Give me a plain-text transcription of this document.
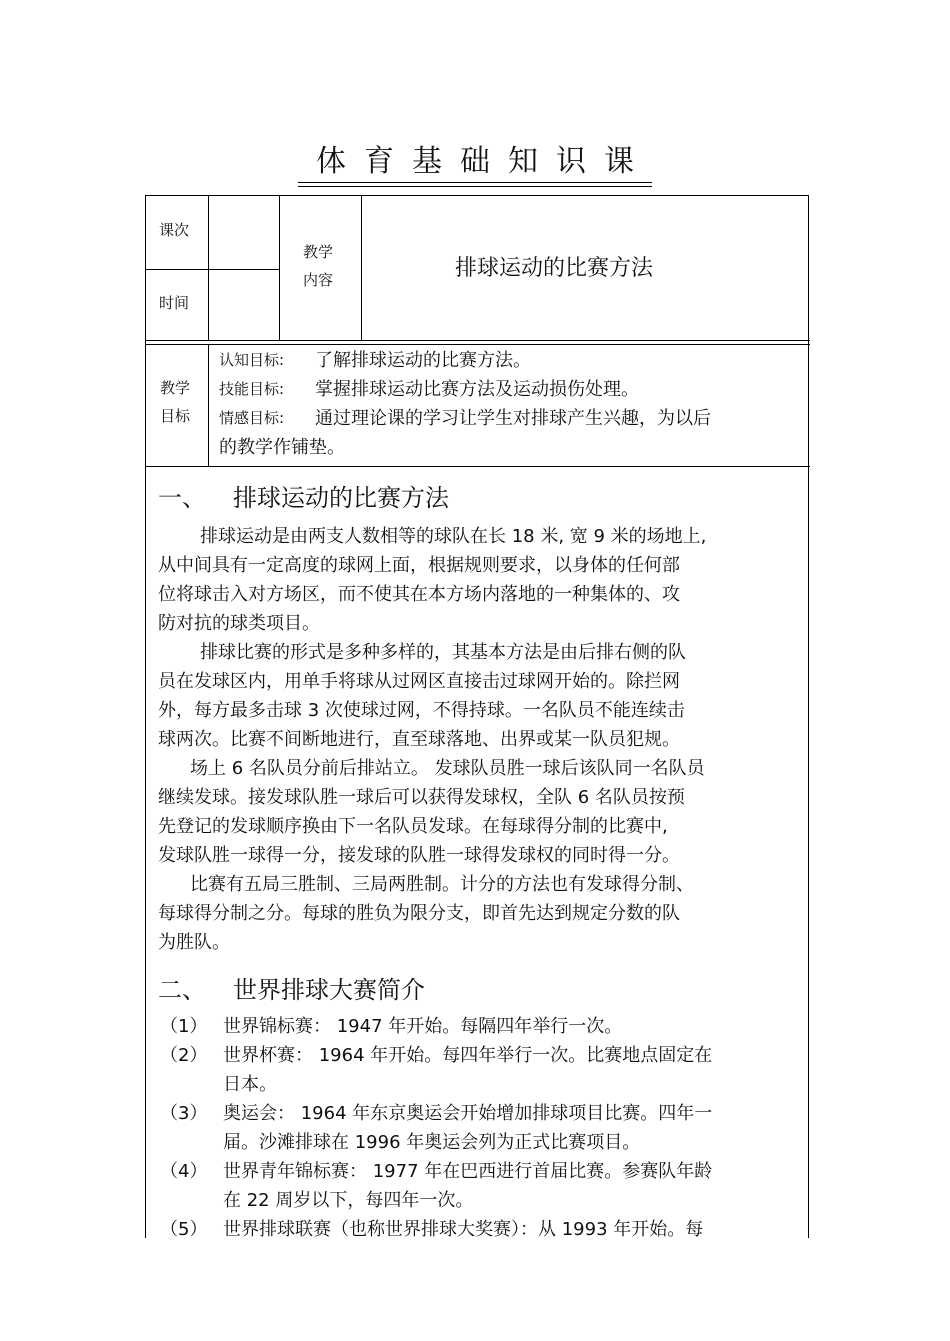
体育基础知识课
课次
时间
教学
内容	排球运动的比赛方法
教学
目标
认知目标: 了解排球运动的比赛方法。
技能目标: 掌握排球运动比赛方法及运动损伤处理。
情感目标: 通过理论课的学习让学生对排球产生兴趣，为以后
的教学作铺垫。
一、 排球运动的比赛方法
排球运动是由两支人数相等的球队在长 18 米, 宽 9 米的场地上,
从中间具有一定高度的球网上面，根据规则要求，以身体的任何部
位将球击入对方场区，而不使其在本方场内落地的一种集体的、攻
防对抗的球类项目。
排球比赛的形式是多种多样的，其基本方法是由后排右侧的队
员在发球区内，用单手将球从过网区直接击过球网开始的。除拦网
外，每方最多击球 3 次使球过网，不得持球。一名队员不能连续击
球两次。比赛不间断地进行，直至球落地、出界或某一队员犯规。
场上 6 名队员分前后排站立。 发球队员胜一球后该队同一名队员
继续发球。接发球队胜一球后可以获得发球权，全队 6 名队员按预
先登记的发球顺序换由下一名队员发球。在每球得分制的比赛中,
发球队胜一球得一分，接发球的队胜一球得发球权的同时得一分。
比赛有五局三胜制、三局两胜制。计分的方法也有发球得分制、
每球得分制之分。每球的胜负为限分支，即首先达到规定分数的队
为胜队。
二、 世界排球大赛简介
（1） 世界锦标赛： 1947 年开始。每隔四年举行一次。
（2） 世界杯赛： 1964 年开始。每四年举行一次。比赛地点固定在
日本。
（3） 奥运会： 1964 年东京奥运会开始增加排球项目比赛。四年一
届。沙滩排球在 1996 年奥运会列为正式比赛项目。
（4） 世界青年锦标赛： 1977 年在巴西进行首届比赛。参赛队年龄
在 22 周岁以下，每四年一次。
（5） 世界排球联赛（也称世界排球大奖赛）：从 1993 年开始。每
